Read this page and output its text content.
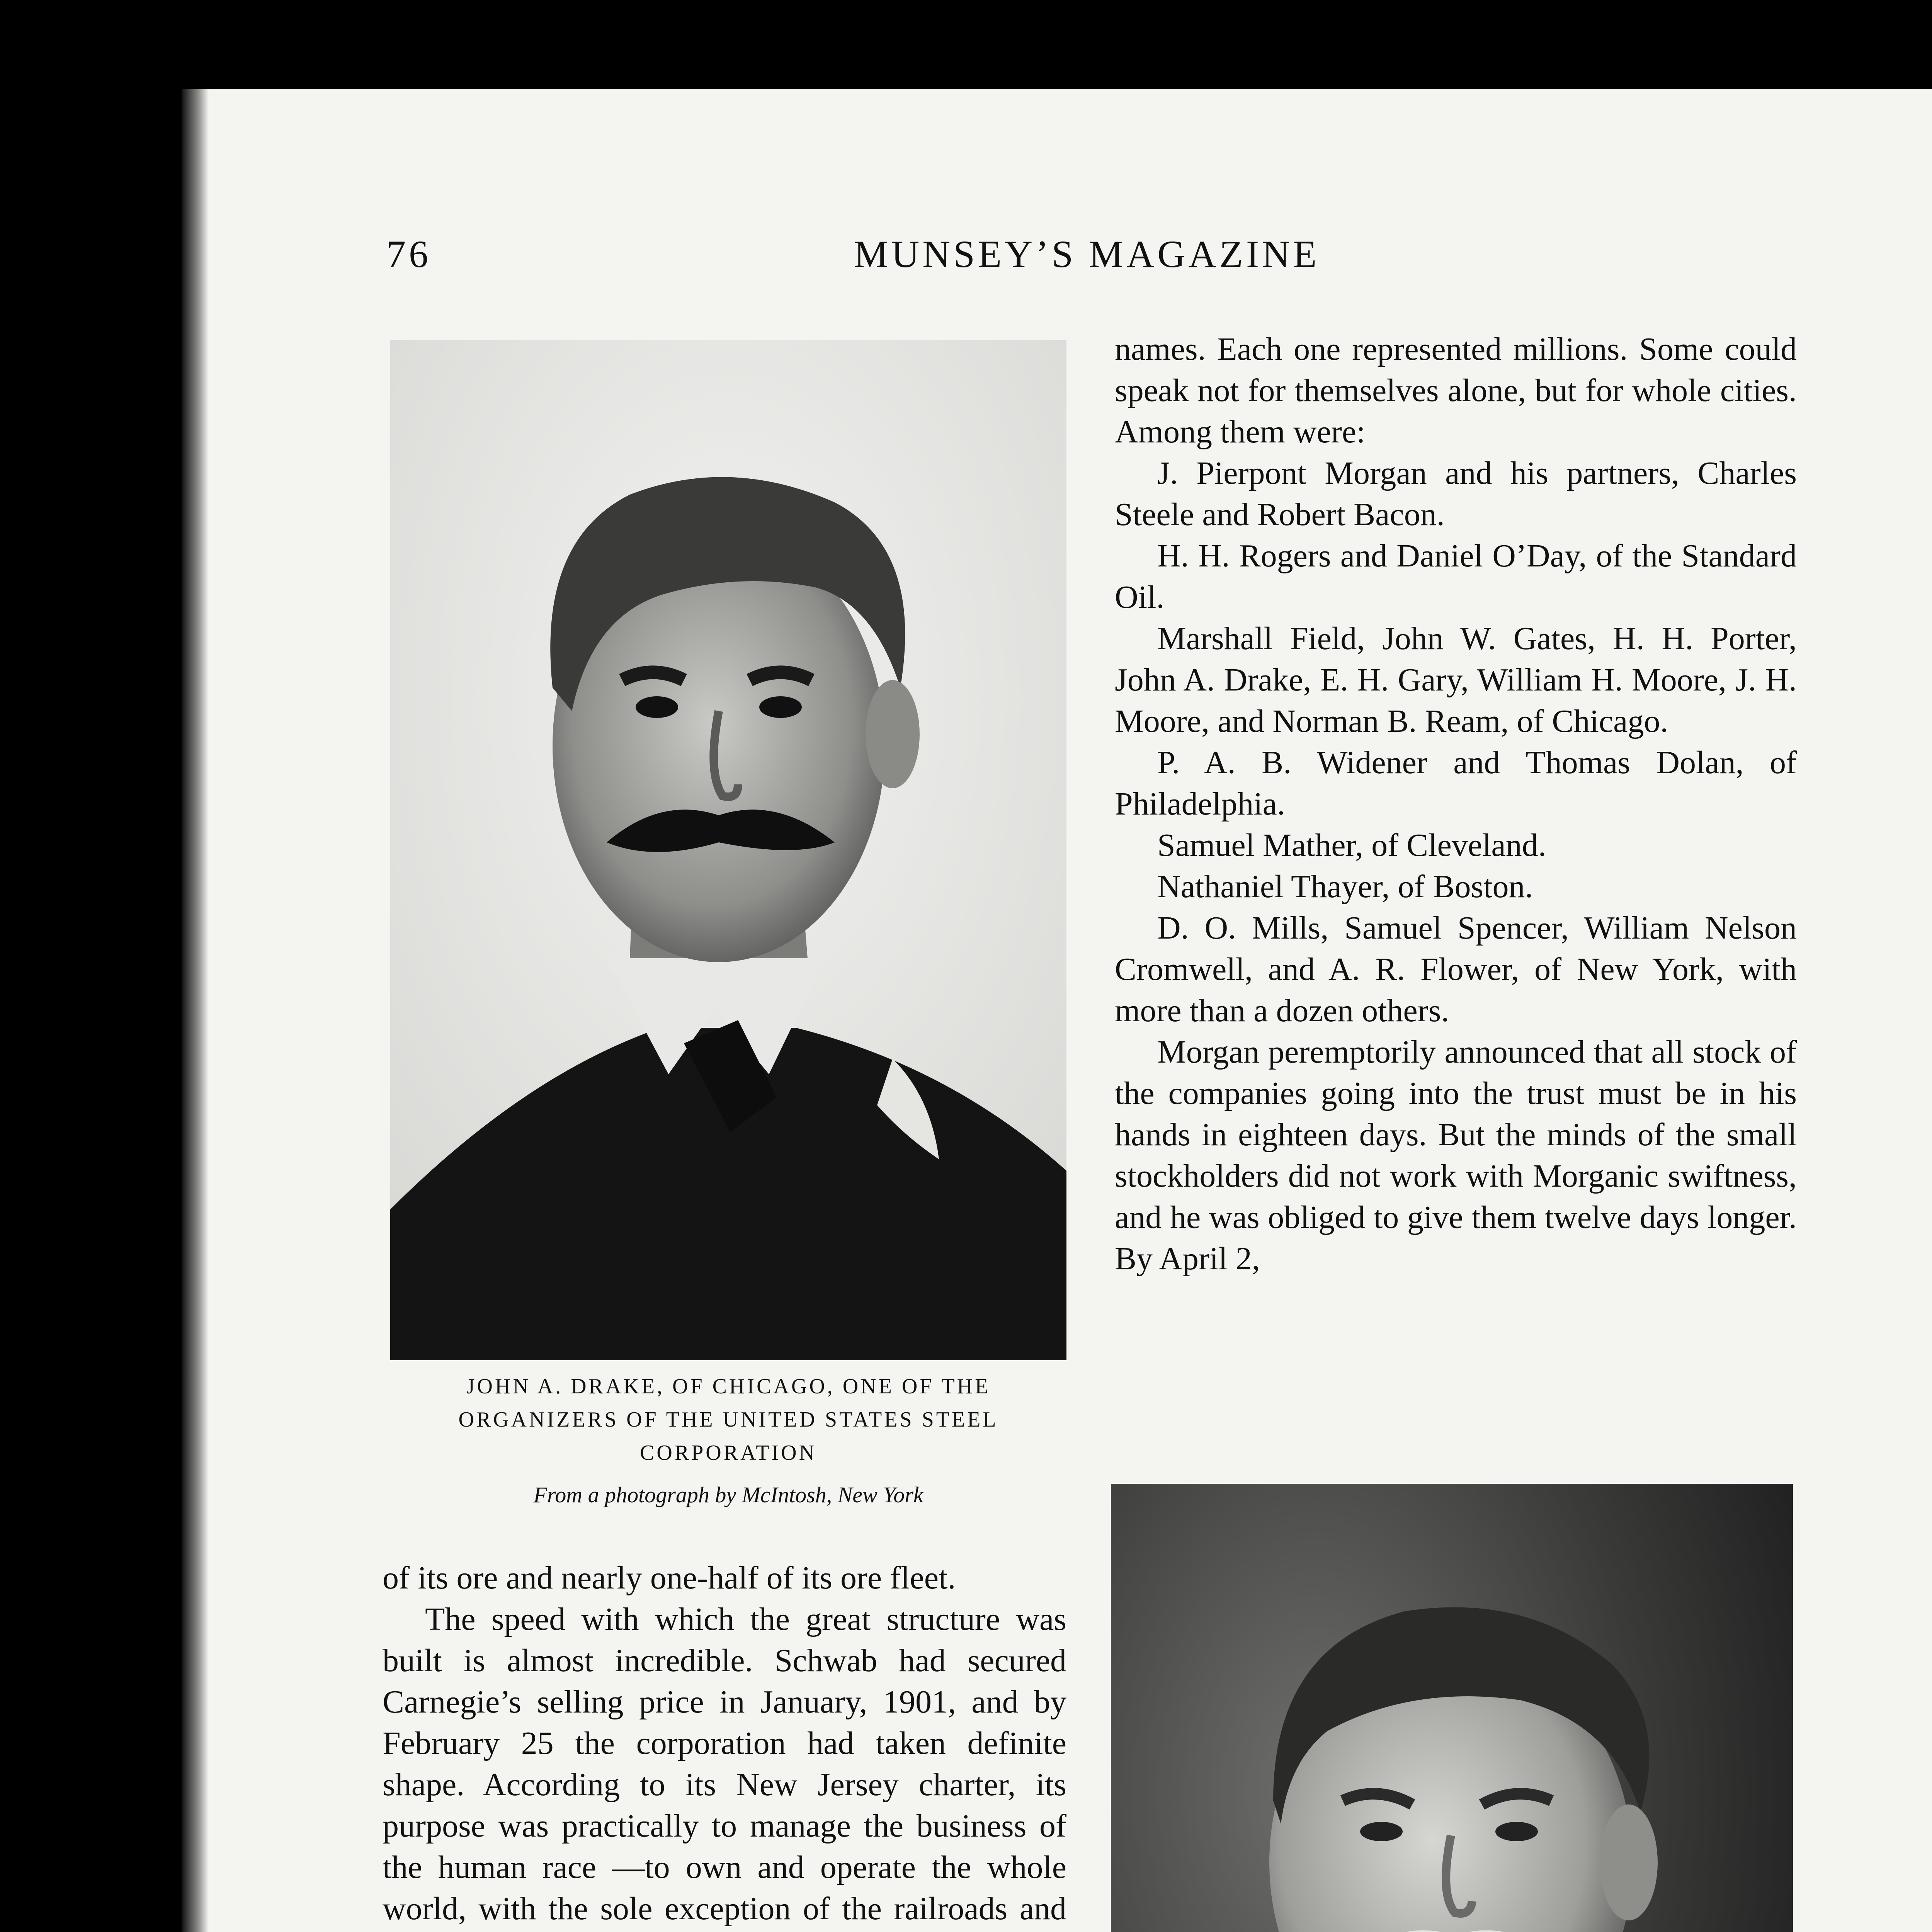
76	MUNSEY’S MAGAZINE
JOHN A. DRAKE, OF CHICAGO, ONE OF THE ORGANIZERS OF THE UNITED STATES STEEL CORPORATION
From a photograph by McIntosh, New York

names. Each one represented millions. Some could speak not for themselves alone, but for whole cities. Among them were:

J. Pierpont Morgan and his partners, Charles Steele and Robert Bacon.

H. H. Rogers and Daniel O’Day, of the Standard Oil.

Marshall Field, John W. Gates, H. H. Porter, John A. Drake, E. H. Gary, William H. Moore, J. H. Moore, and Norman B. Ream, of Chicago.

P. A. B. Widener and Thomas Dolan, of Philadelphia.

Samuel Mather, of Cleveland.

Nathaniel Thayer, of Boston.

D. O. Mills, Samuel Spencer, William Nelson Cromwell, and A. R. Flower, of New York, with more than a dozen others.

Morgan peremptorily announced that all stock of the companies going into the trust must be in his hands in eighteen days. But the minds of the small stockholders did not work with Morganic swiftness, and he was obliged to give them twelve days longer. By April 2,

of its ore and nearly one-half of its ore fleet.

The speed with which the great structure was built is almost incredible. Schwab had secured Carnegie’s selling price in January, 1901, and by February 25 the corporation had taken definite shape. According to its New Jersey charter, its purpose was practically to manage the business of the human race —to own and operate the whole world, with the sole exception of the railroads and
